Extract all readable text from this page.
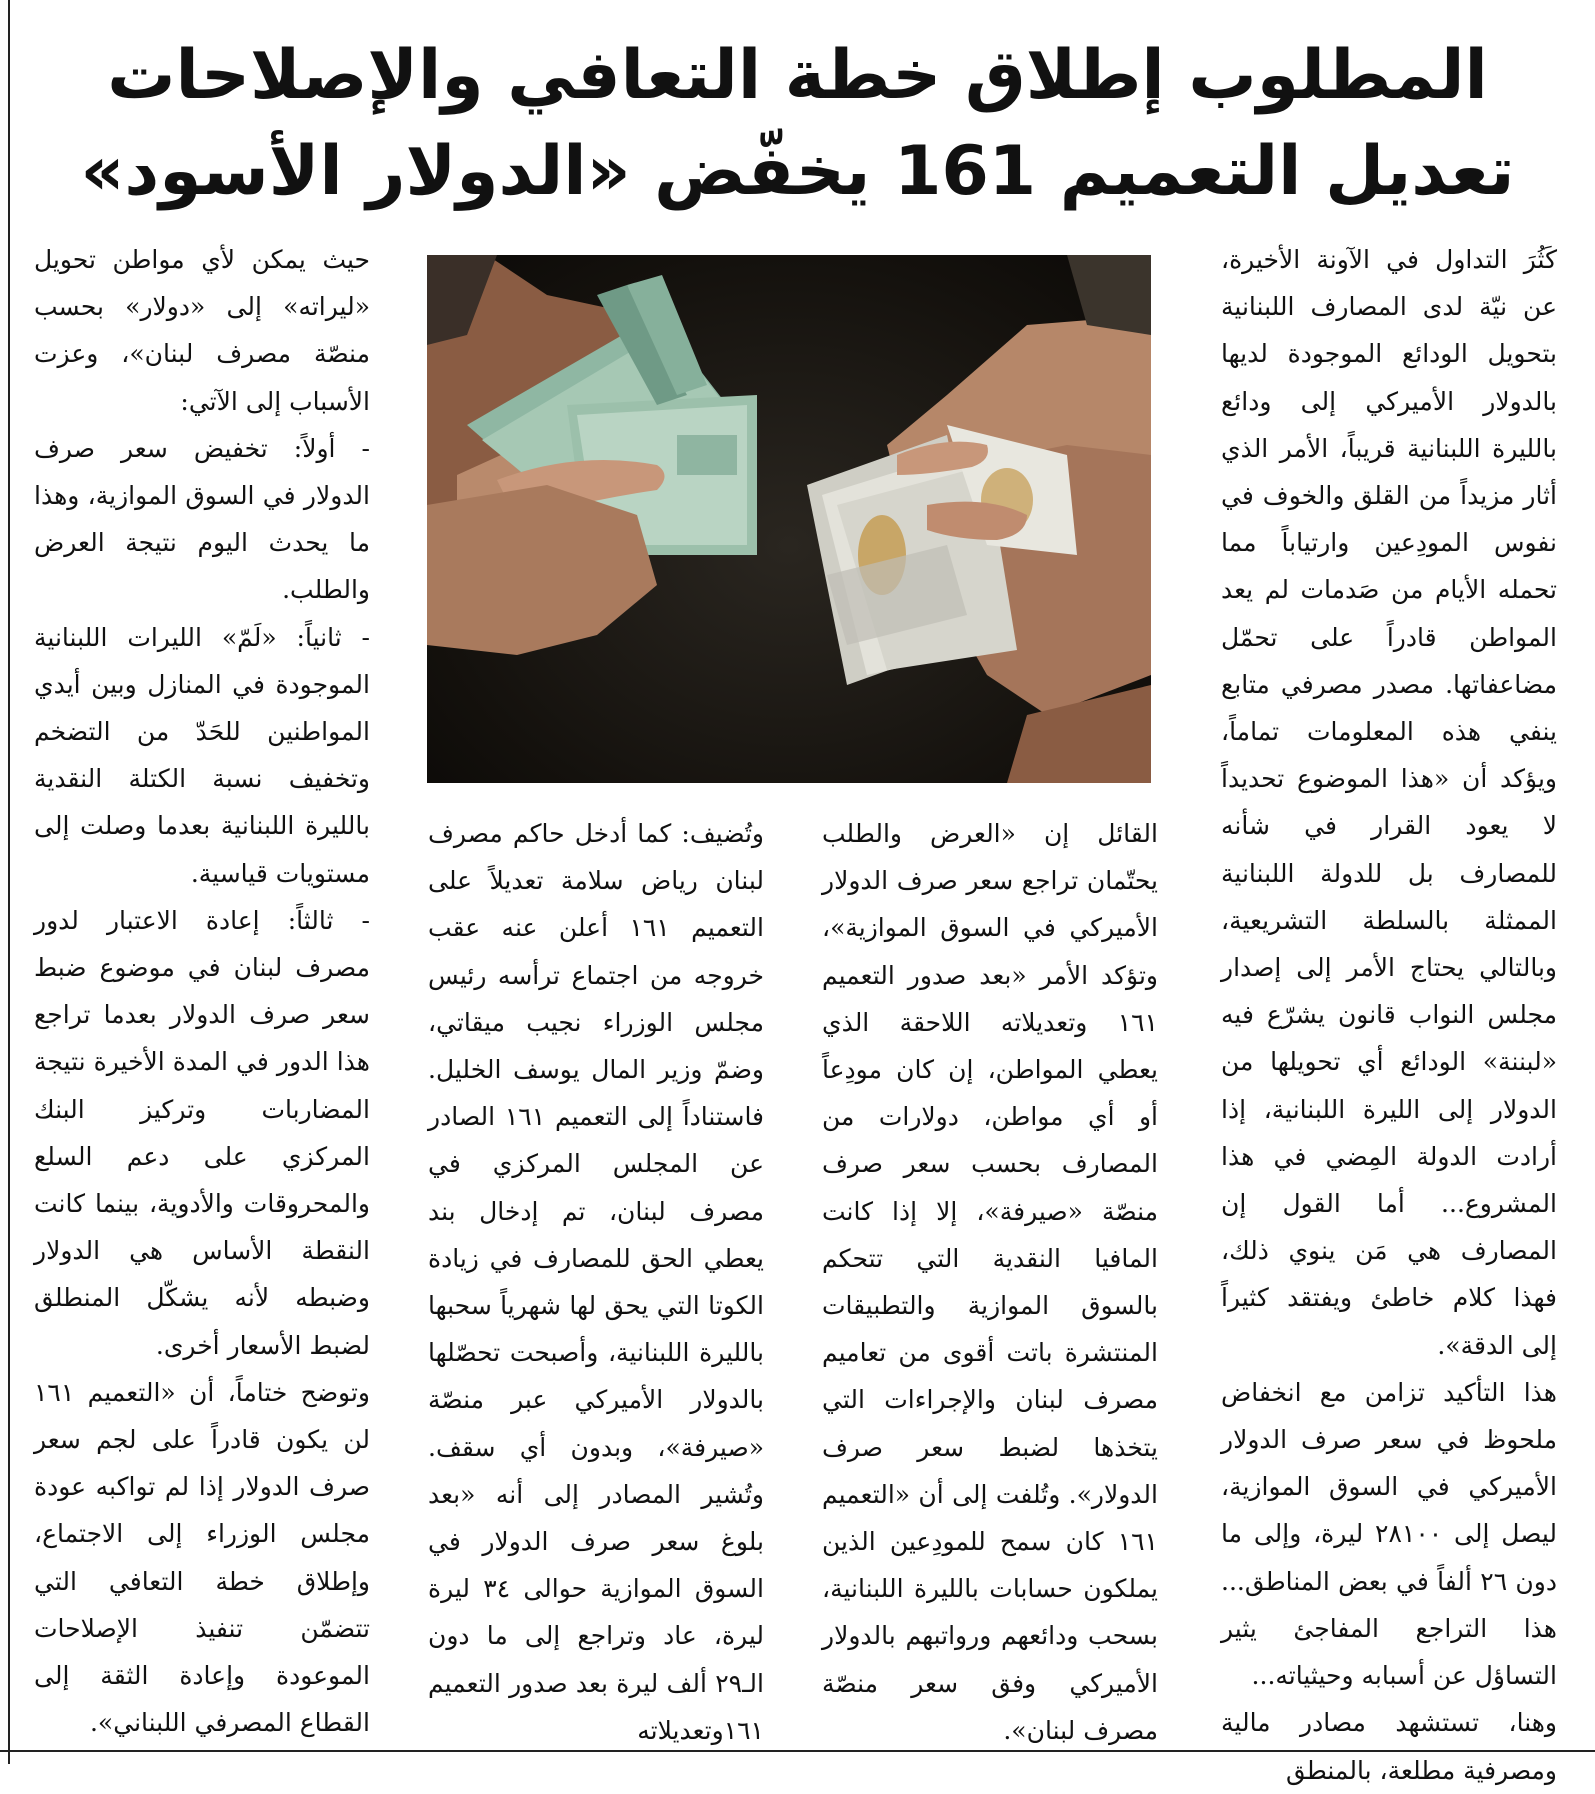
المطلوب إطلاق خطة التعافي والإصلاحات
تعديل التعميم 161 يخفّض «الدولار الأسود»

كَثُرَ التداول في الآونة الأخيرة، عن نيّة لدى المصارف اللبنانية بتحويل الودائع الموجودة لديها بالدولار الأميركي إلى ودائع بالليرة اللبنانية قريباً، الأمر الذي أثار مزيداً من القلق والخوف في نفوس المودِعين وارتياباً مما تحمله الأيام من صَدمات لم يعد المواطن قادراً على تحمّل مضاعفاتها. مصدر مصرفي متابع ينفي هذه المعلومات تماماً، ويؤكد أن «هذا الموضوع تحديداً لا يعود القرار في شأنه للمصارف بل للدولة اللبنانية الممثلة بالسلطة التشريعية، وبالتالي يحتاج الأمر إلى إصدار مجلس النواب قانون يشرّع فيه «لبننة» الودائع أي تحويلها من الدولار إلى الليرة اللبنانية، إذا أرادت الدولة المِضي في هذا المشروع... أما القول إن المصارف هي مَن ينوي ذلك، فهذا كلام خاطئ ويفتقد كثيراً إلى الدقة».

هذا التأكيد تزامن مع انخفاض ملحوظ في سعر صرف الدولار الأميركي في السوق الموازية، ليصل إلى ٢٨١٠٠ ليرة، وإلى ما دون ٢٦ ألفاً في بعض المناطق... هذا التراجع المفاجئ يثير التساؤل عن أسبابه وحيثياته...

وهنا، تستشهد مصادر مالية ومصرفية مطلعة، بالمنطق

القائل إن «العرض والطلب يحتّمان تراجع سعر صرف الدولار الأميركي في السوق الموازية»، وتؤكد الأمر «بعد صدور التعميم ١٦١ وتعديلاته اللاحقة الذي يعطي المواطن، إن كان مودِعاً أو أي مواطن، دولارات من المصارف بحسب سعر صرف منصّة «صيرفة»، إلا إذا كانت المافيا النقدية التي تتحكم بالسوق الموازية والتطبيقات المنتشرة باتت أقوى من تعاميم مصرف لبنان والإجراءات التي يتخذها لضبط سعر صرف الدولار». وتُلفت إلى أن «التعميم ١٦١ كان سمح للمودِعين الذين يملكون حسابات بالليرة اللبنانية، بسحب ودائعهم ورواتبهم بالدولار الأميركي وفق سعر منصّة مصرف لبنان».

وتُضيف: كما أدخل حاكم مصرف لبنان رياض سلامة تعديلاً على التعميم ١٦١ أعلن عنه عقب خروجه من اجتماع ترأسه رئيس مجلس الوزراء نجيب ميقاتي، وضمّ وزير المال يوسف الخليل. فاستناداً إلى التعميم ١٦١ الصادر عن المجلس المركزي في مصرف لبنان، تم إدخال بند يعطي الحق للمصارف في زيادة الكوتا التي يحق لها شهرياً سحبها بالليرة اللبنانية، وأصبحت تحصّلها بالدولار الأميركي عبر منصّة «صيرفة»، وبدون أي سقف. وتُشير المصادر إلى أنه «بعد بلوغ سعر صرف الدولار في السوق الموازية حوالى ٣٤ ليرة ليرة، عاد وتراجع إلى ما دون الـ٢٩ ألف ليرة بعد صدور التعميم ١٦١وتعديلاته

حيث يمكن لأي مواطن تحويل «ليراته» إلى «دولار» بحسب منصّة مصرف لبنان»، وعزت الأسباب إلى الآتي:

- أولاً: تخفيض سعر صرف الدولار في السوق الموازية، وهذا ما يحدث اليوم نتيجة العرض والطلب.

- ثانياً: «لَمّ» الليرات اللبنانية الموجودة في المنازل وبين أيدي المواطنين للحَدّ من التضخم وتخفيف نسبة الكتلة النقدية بالليرة اللبنانية بعدما وصلت إلى مستويات قياسية.

- ثالثاً: إعادة الاعتبار لدور مصرف لبنان في موضوع ضبط سعر صرف الدولار بعدما تراجع هذا الدور في المدة الأخيرة نتيجة المضاربات وتركيز البنك المركزي على دعم السلع والمحروقات والأدوية، بينما كانت النقطة الأساس هي الدولار وضبطه لأنه يشكّل المنطلق لضبط الأسعار أخرى.

وتوضح ختاماً، أن «التعميم ١٦١ لن يكون قادراً على لجم سعر صرف الدولار إذا لم تواكبه عودة مجلس الوزراء إلى الاجتماع، وإطلاق خطة التعافي التي تتضمّن تنفيذ الإصلاحات الموعودة وإعادة الثقة إلى القطاع المصرفي اللبناني».
